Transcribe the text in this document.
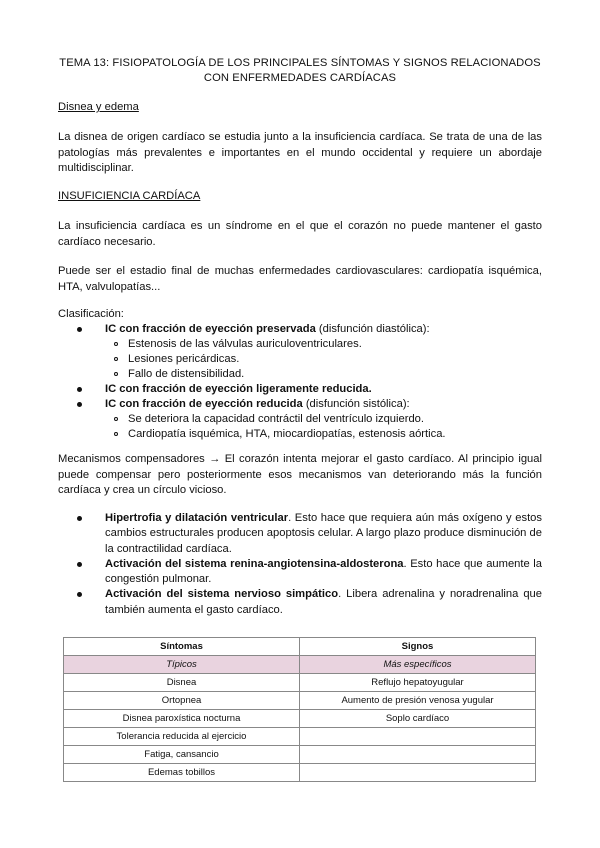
TEMA 13: FISIOPATOLOGÍA DE LOS PRINCIPALES SÍNTOMAS Y SIGNOS RELACIONADOS
CON ENFERMEDADES CARDÍACAS
Disnea y edema
La disnea de origen cardíaco se estudia junto a la insuficiencia cardíaca. Se trata de una de las patologías más prevalentes e importantes en el mundo occidental y requiere un abordaje multidisciplinar.
INSUFICIENCIA CARDÍACA
La insuficiencia cardíaca es un síndrome en el que el corazón no puede mantener el gasto cardíaco necesario.
Puede ser el estadio final de muchas enfermedades cardiovasculares: cardiopatía isquémica, HTA, valvulopatías...
Clasificación:
IC con fracción de eyección preservada (disfunción diastólica):
Estenosis de las válvulas auriculoventriculares.
Lesiones pericárdicas.
Fallo de distensibilidad.
IC con fracción de eyección ligeramente reducida.
IC con fracción de eyección reducida (disfunción sistólica):
Se deteriora la capacidad contráctil del ventrículo izquierdo.
Cardiopatía isquémica, HTA, miocardiopatías, estenosis aórtica.
Mecanismos compensadores → El corazón intenta mejorar el gasto cardíaco. Al principio igual puede compensar pero posteriormente esos mecanismos van deteriorando más la función cardíaca y crea un círculo vicioso.
Hipertrofia y dilatación ventricular. Esto hace que requiera aún más oxígeno y estos cambios estructurales producen apoptosis celular. A largo plazo produce disminución de la contractilidad cardíaca.
Activación del sistema renina-angiotensina-aldosterona. Esto hace que aumente la congestión pulmonar.
Activación del sistema nervioso simpático. Libera adrenalina y noradrenalina que también aumenta el gasto cardíaco.
Síntomas	Signos
Típicos	Más específicos
Disnea	Reflujo hepatoyugular
Ortopnea	Aumento de presión venosa yugular
Disnea paroxística nocturna	Soplo cardíaco
Tolerancia reducida al ejercicio	
Fatiga, cansancio	
Edemas tobillos	
